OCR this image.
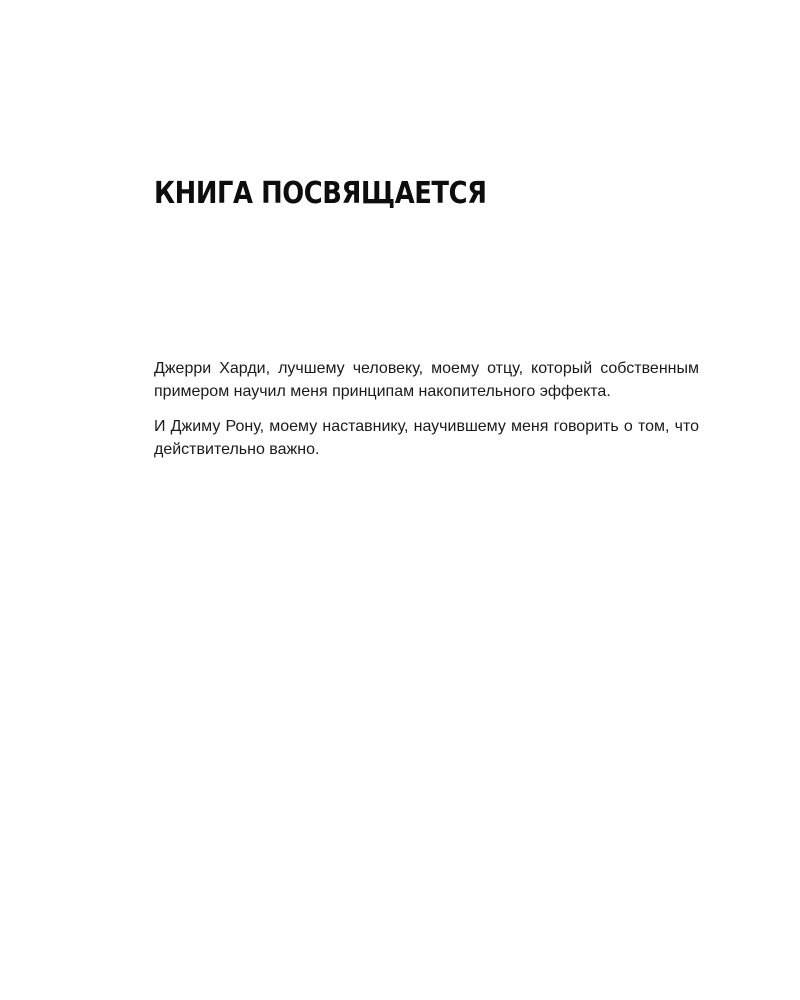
КНИГА ПОСВЯЩАЕТСЯ

Джерри Харди, лучшему человеку, моему отцу, который собственным примером научил меня принципам накопительного эффекта.

И Джиму Рону, моему наставнику, научившему меня говорить о том, что действительно важно.
